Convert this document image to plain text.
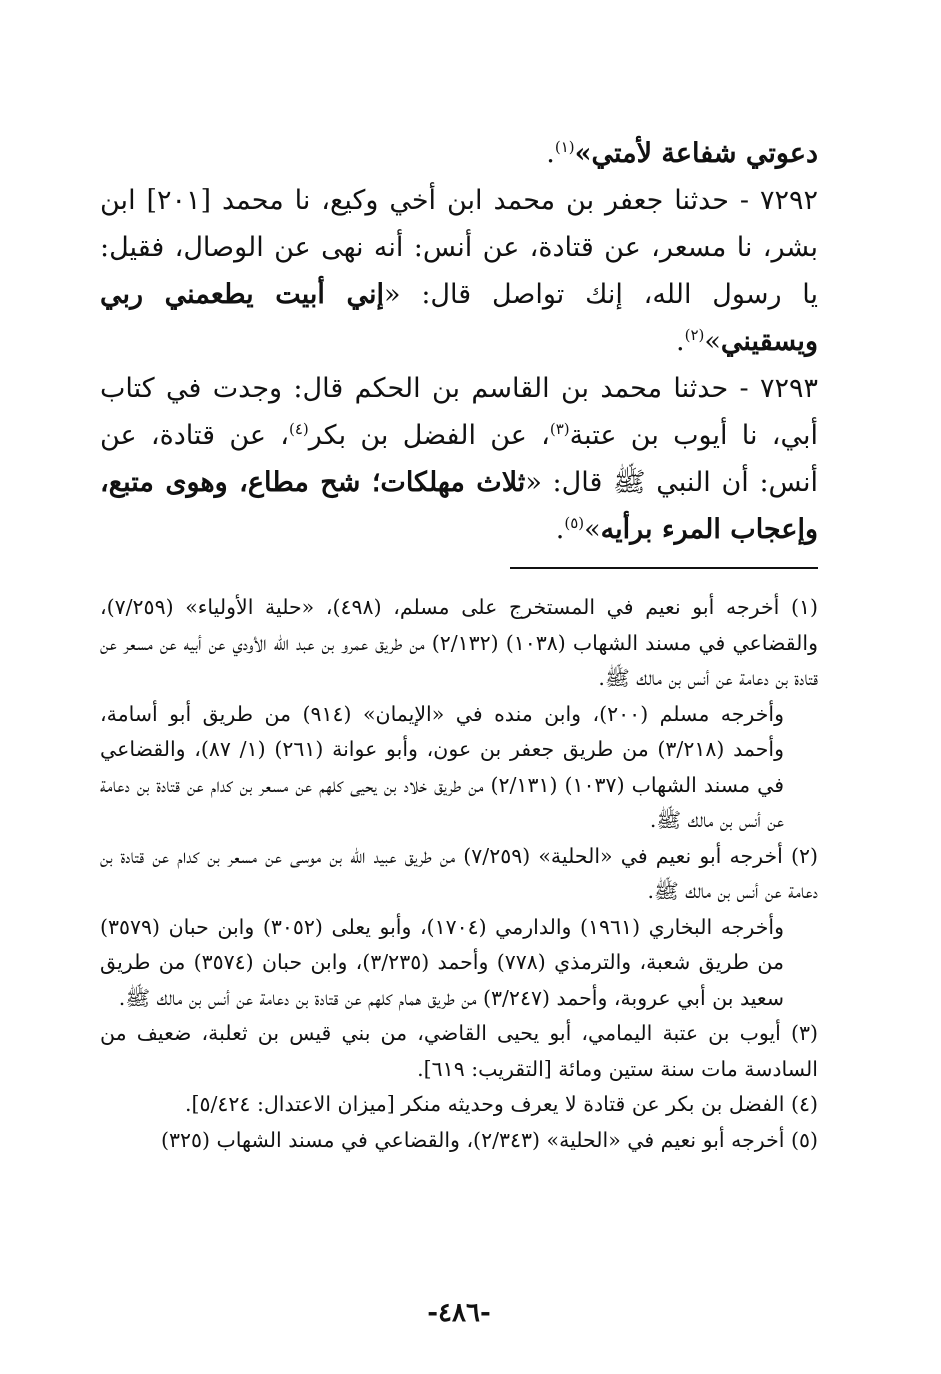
دعوتي شفاعة لأمتي»$^{(١)}$.

٧٢٩٢ - حدثنا جعفر بن محمد ابن أخي وكيع، نا محمد [٢٠١] ابن بشر، نا مسعر، عن قتادة، عن أنس: أنه نهى عن الوصال، فقيل: يا رسول الله، إنك تواصل قال: «إني أبيت يطعمني ربي ويسقيني»$^{(٢)}$.

٧٢٩٣ - حدثنا محمد بن القاسم بن الحكم قال: وجدت في كتاب أبي، نا أيوب بن عتبة$^{(٣)}$، عن الفضل بن بكر$^{(٤)}$، عن قتادة، عن أنس: أن النبي ﷺ قال: «ثلاث مهلكات؛ شح مطاع، وهوى متبع، وإعجاب المرء برأيه»$^{(٥)}$.

(١) أخرجه أبو نعيم في المستخرج على مسلم، (٤٩٨)، «حلية الأولياء» (٧/٢٥٩)، والقضاعي في مسند الشهاب (١٠٣٨) (٢/١٣٢) من طريق عمرو بن عبد الله الأودي عن أبيه عن مسعر عن قتادة بن دعامة عن أنس بن مالك ﷺ.

وأخرجه مسلم (٢٠٠)، وابن منده في «الإيمان» (٩١٤) من طريق أبو أسامة، وأحمد (٣/٢١٨) من طريق جعفر بن عون، وأبو عوانة (٢٦١) (١/ ٨٧)، والقضاعي في مسند الشهاب (١٠٣٧) (٢/١٣١) من طريق خلاد بن يحيى كلهم عن مسعر بن كدام عن قتادة بن دعامة عن أنس بن مالك ﷺ.

(٢) أخرجه أبو نعيم في «الحلية» (٧/٢٥٩) من طريق عبيد الله بن موسى عن مسعر بن كدام عن قتادة بن دعامة عن أنس بن مالك ﷺ.

وأخرجه البخاري (١٩٦١) والدارمي (١٧٠٤)، وأبو يعلى (٣٠٥٢) وابن حبان (٣٥٧٩) من طريق شعبة، والترمذي (٧٧٨) وأحمد (٣/٢٣٥)، وابن حبان (٣٥٧٤) من طريق سعيد بن أبي عروبة، وأحمد (٣/٢٤٧) من طريق همام كلهم عن قتادة بن دعامة عن أنس بن مالك ﷺ.

(٣) أيوب بن عتبة اليمامي، أبو يحيى القاضي، من بني قيس بن ثعلبة، ضعيف من السادسة مات سنة ستين ومائة [التقريب: ٦١٩].

(٤) الفضل بن بكر عن قتادة لا يعرف وحديثه منكر [ميزان الاعتدال: ٥/٤٢٤].

(٥) أخرجه أبو نعيم في «الحلية» (٢/٣٤٣)، والقضاعي في مسند الشهاب (٣٢٥)

-٤٨٦-
